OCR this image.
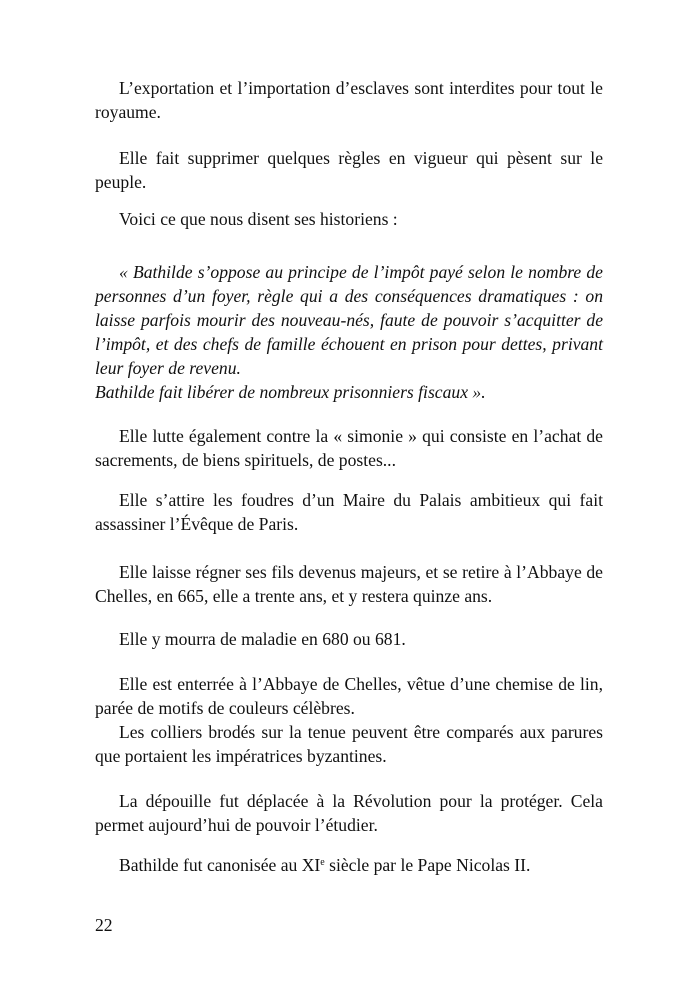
L’exportation et l’importation d’esclaves sont interdites pour tout le royaume.

Elle fait supprimer quelques règles en vigueur qui pèsent sur le peuple.

Voici ce que nous disent ses historiens :

« Bathilde s’oppose au principe de l’impôt payé selon le nombre de personnes d’un foyer, règle qui a des conséquences dramatiques : on laisse parfois mourir des nouveau-nés, faute de pouvoir s’acquitter de l’impôt, et des chefs de famille échouent en prison pour dettes, privant leur foyer de revenu.

Bathilde fait libérer de nombreux prisonniers fiscaux ».

Elle lutte également contre la « simonie » qui consiste en l’achat de sacrements, de biens spirituels, de postes...

Elle s’attire les foudres d’un Maire du Palais ambitieux qui fait assassiner l’Évêque de Paris.

Elle laisse régner ses fils devenus majeurs, et se retire à l’Abbaye de Chelles, en 665, elle a trente ans, et y restera quinze ans.

Elle y mourra de maladie en 680 ou 681.

Elle est enterrée à l’Abbaye de Chelles, vêtue d’une chemise de lin, parée de motifs de couleurs célèbres.

Les colliers brodés sur la tenue peuvent être comparés aux parures que portaient les impératrices byzantines.

La dépouille fut déplacée à la Révolution pour la protéger. Cela permet aujourd’hui de pouvoir l’étudier.

Bathilde fut canonisée au XIe siècle par le Pape Nicolas II.

22
